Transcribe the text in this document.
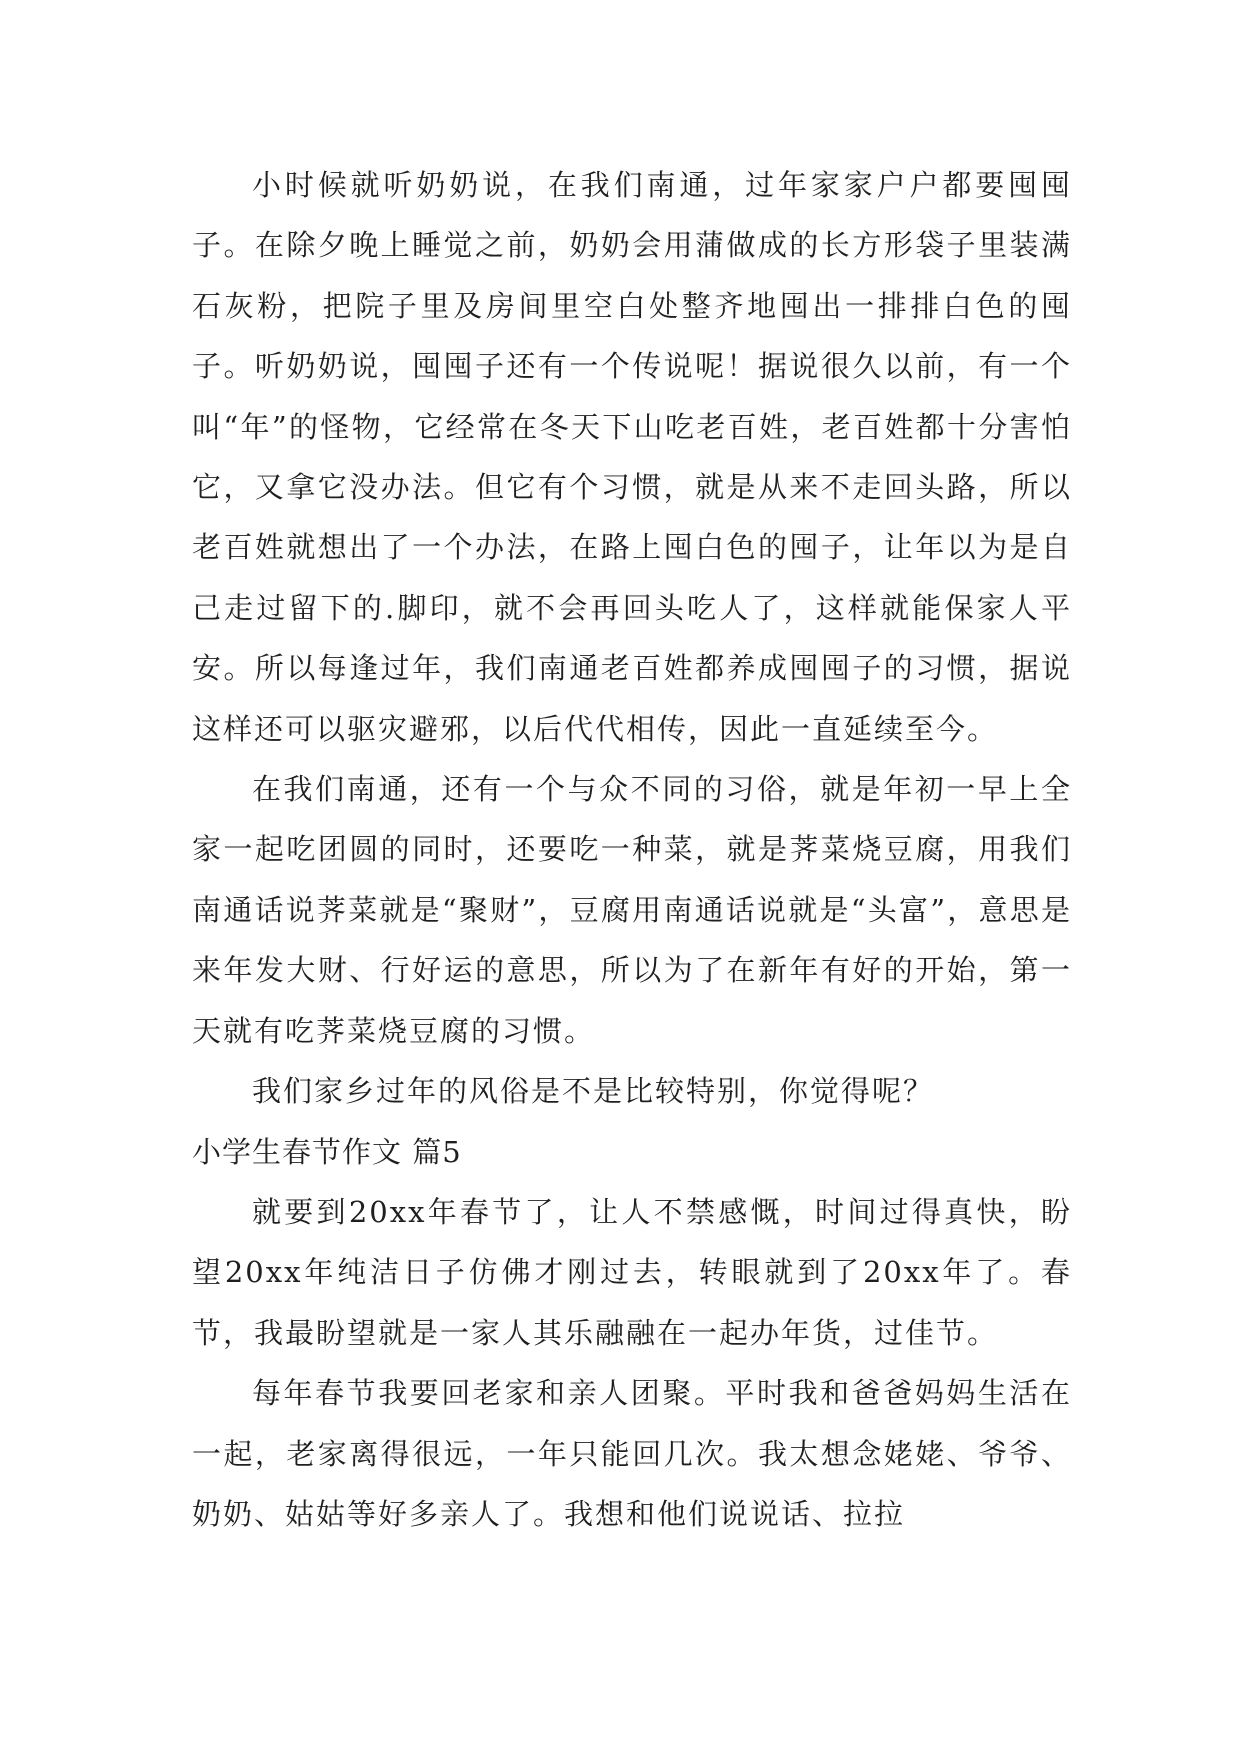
小时候就听奶奶说，在我们南通，过年家家户户都要囤囤子。在除夕晚上睡觉之前，奶奶会用蒲做成的长方形袋子里装满石灰粉，把院子里及房间里空白处整齐地囤出一排排白色的囤子。听奶奶说，囤囤子还有一个传说呢！据说很久以前，有一个叫“年”的怪物，它经常在冬天下山吃老百姓，老百姓都十分害怕它，又拿它没办法。但它有个习惯，就是从来不走回头路，所以老百姓就想出了一个办法，在路上囤白色的囤子，让年以为是自己走过留下的.脚印，就不会再回头吃人了，这样就能保家人平安。所以每逢过年，我们南通老百姓都养成囤囤子的习惯，据说这样还可以驱灾避邪，以后代代相传，因此一直延续至今。

在我们南通，还有一个与众不同的习俗，就是年初一早上全家一起吃团圆的同时，还要吃一种菜，就是荠菜烧豆腐，用我们南通话说荠菜就是“聚财”，豆腐用南通话说就是“头富”，意思是来年发大财、行好运的意思，所以为了在新年有好的开始，第一天就有吃荠菜烧豆腐的习惯。

我们家乡过年的风俗是不是比较特别，你觉得呢？

小学生春节作文 篇5

就要到20xx年春节了，让人不禁感慨，时间过得真快，盼望20xx年纯洁日子仿佛才刚过去，转眼就到了20xx年了。春节，我最盼望就是一家人其乐融融在一起办年货，过佳节。

每年春节我要回老家和亲人团聚。平时我和爸爸妈妈生活在一起，老家离得很远，一年只能回几次。我太想念姥姥、爷爷、奶奶、姑姑等好多亲人了。我想和他们说说话、拉拉
